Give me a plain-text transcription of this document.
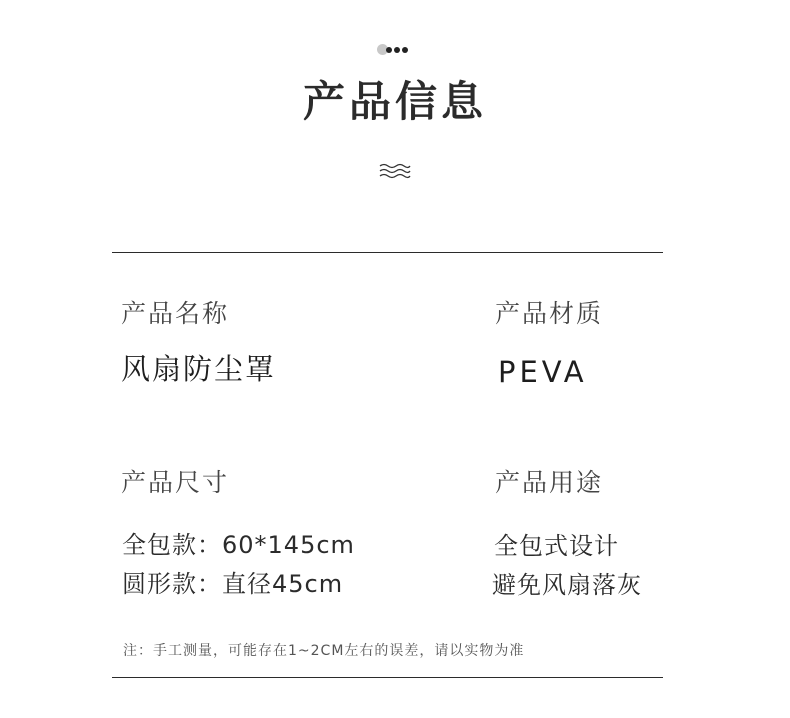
产品信息
产品名称
风扇防尘罩
产品材质
PEVA
产品尺寸
全包款：60*145cm
圆形款：直径45cm
产品用途
全包式设计
避免风扇落灰
注：手工测量，可能存在1~2CM左右的误差，请以实物为准
